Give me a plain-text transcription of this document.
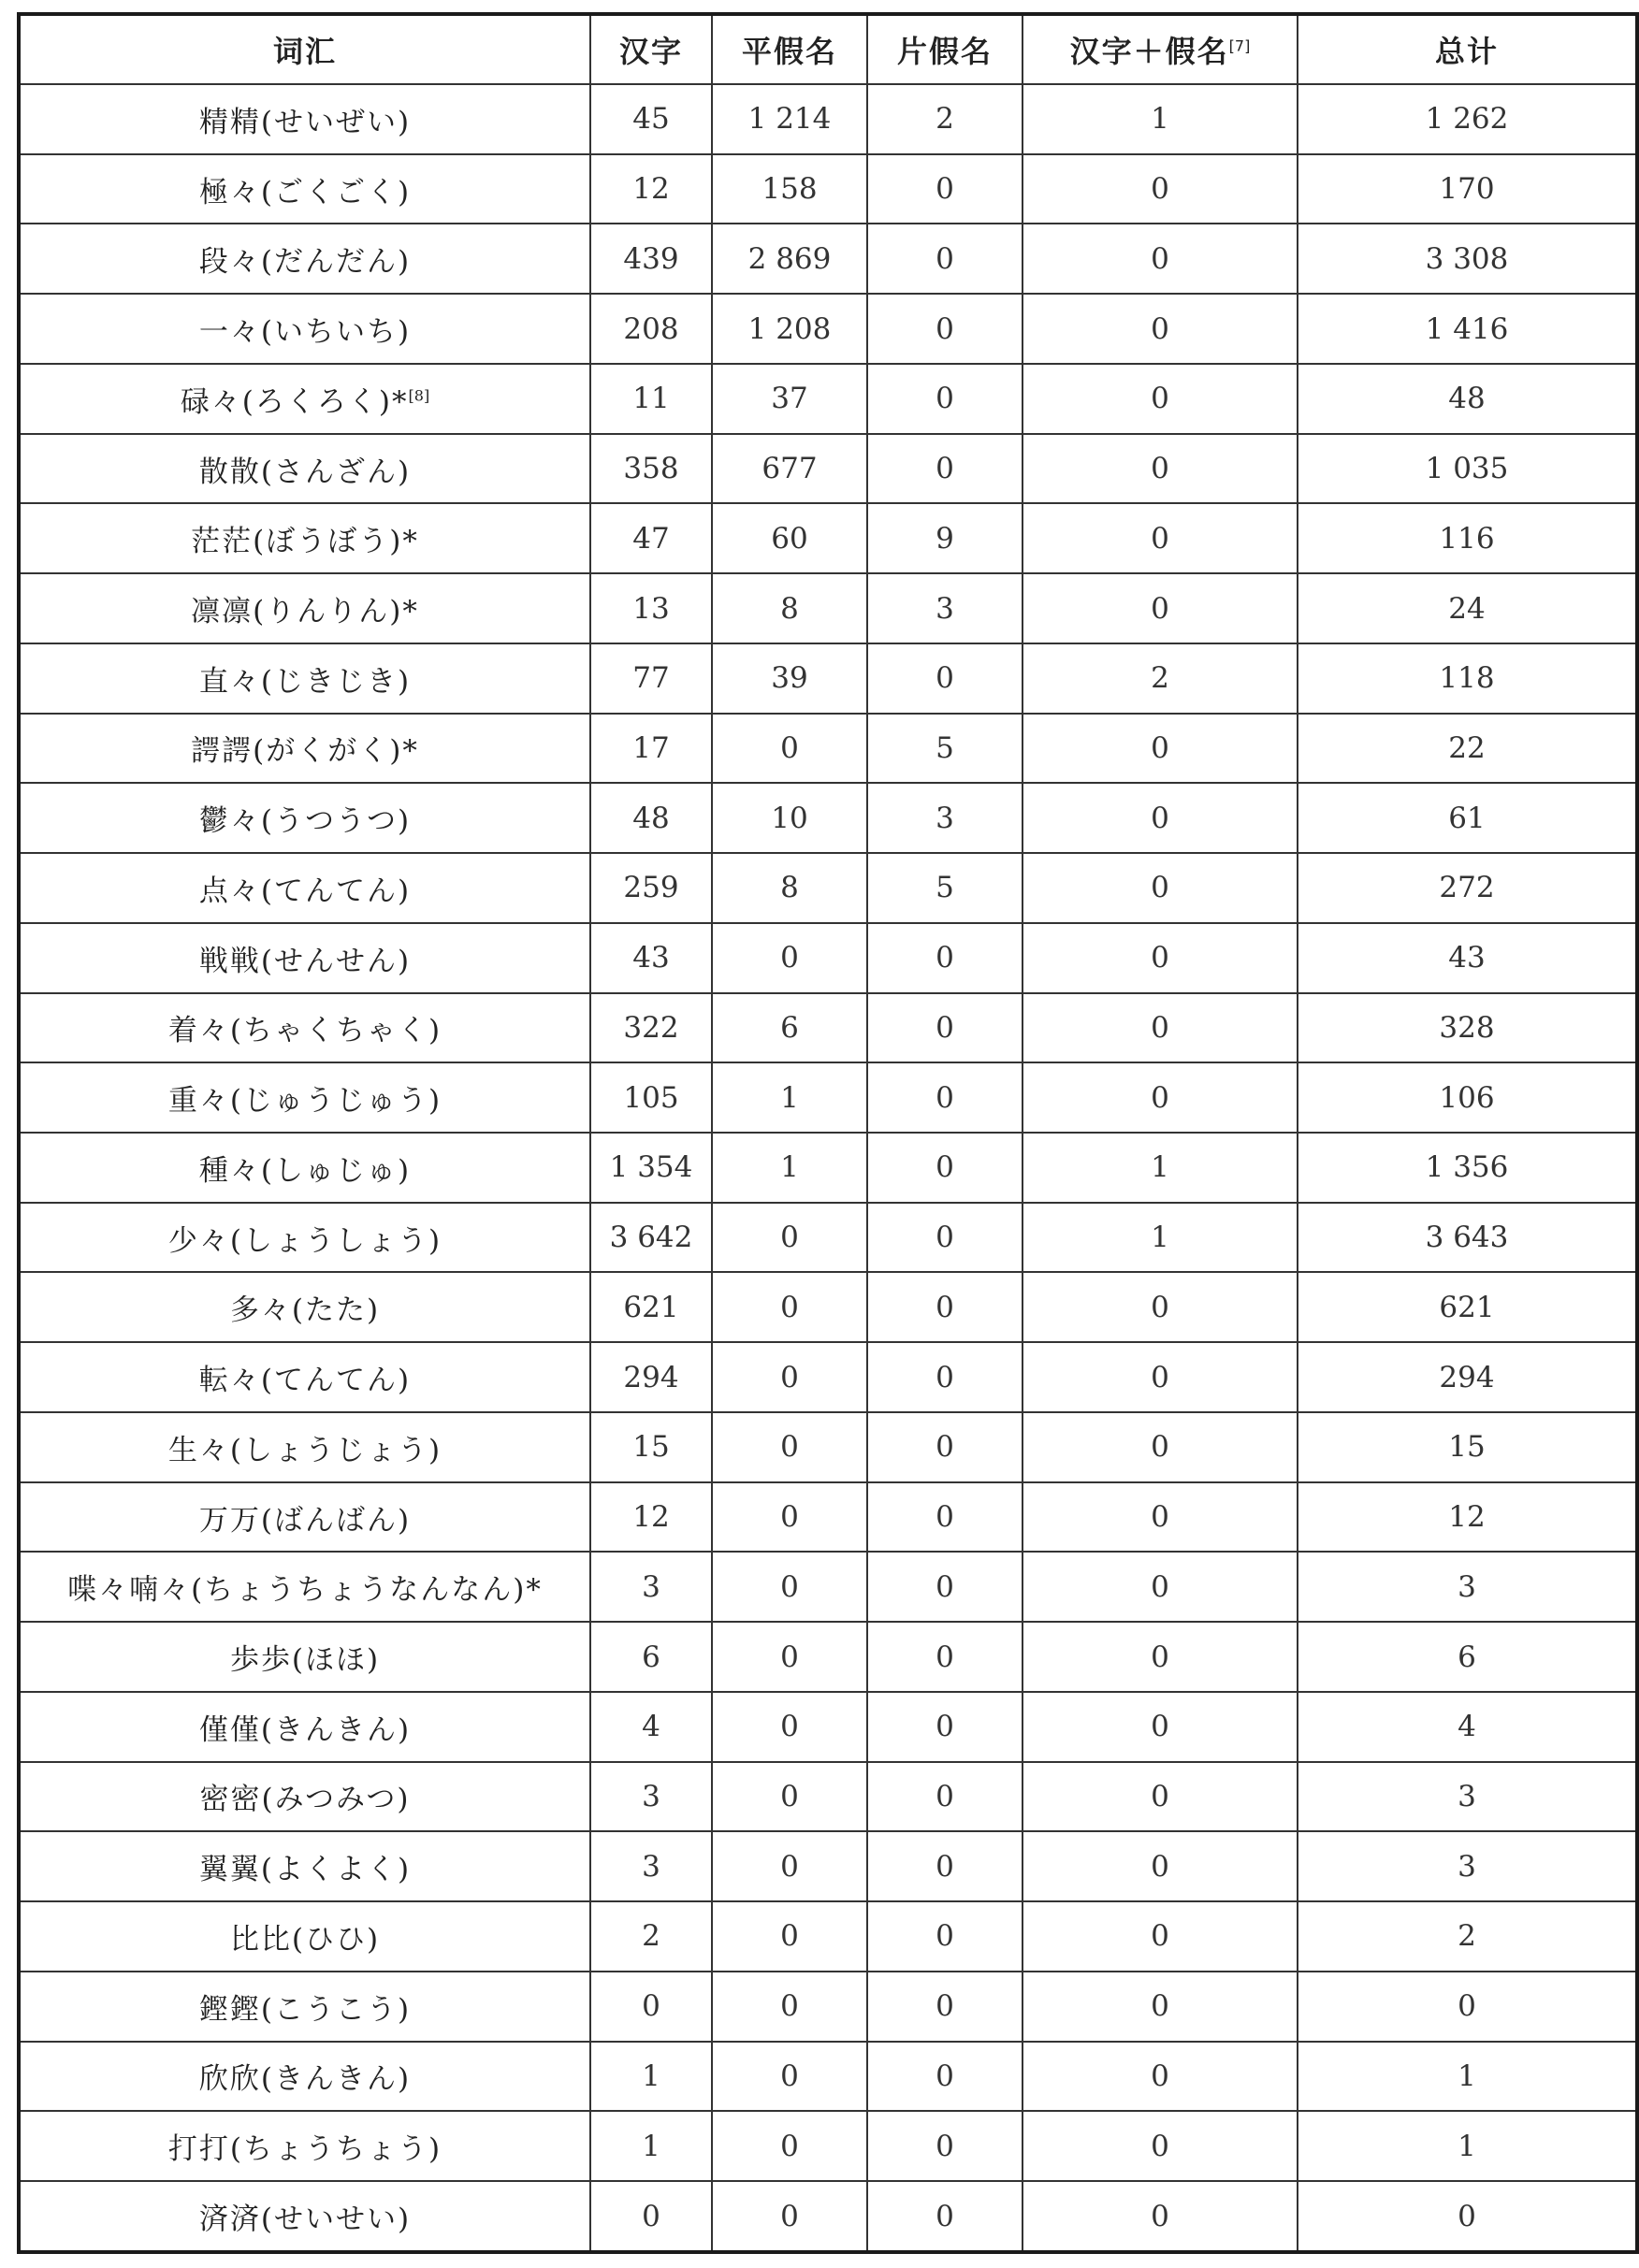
词汇	汉字	平假名	片假名	汉字＋假名[7]	总计
精精(せいぜい)	45	1 214	2	1	1 262
極々(ごくごく)	12	158	0	0	170
段々(だんだん)	439	2 869	0	0	3 308
一々(いちいち)	208	1 208	0	0	1 416
碌々(ろくろく)*[8]	11	37	0	0	48
散散(さんざん)	358	677	0	0	1 035
茫茫(ぼうぼう)*	47	60	9	0	116
凛凛(りんりん)*	13	8	3	0	24
直々(じきじき)	77	39	0	2	118
諤諤(がくがく)*	17	0	5	0	22
鬱々(うつうつ)	48	10	3	0	61
点々(てんてん)	259	8	5	0	272
戦戦(せんせん)	43	0	0	0	43
着々(ちゃくちゃく)	322	6	0	0	328
重々(じゅうじゅう)	105	1	0	0	106
種々(しゅじゅ)	1 354	1	0	1	1 356
少々(しょうしょう)	3 642	0	0	1	3 643
多々(たた)	621	0	0	0	621
転々(てんてん)	294	0	0	0	294
生々(しょうじょう)	15	0	0	0	15
万万(ばんばん)	12	0	0	0	12
喋々喃々(ちょうちょうなんなん)*	3	0	0	0	3
歩歩(ほほ)	6	0	0	0	6
僅僅(きんきん)	4	0	0	0	4
密密(みつみつ)	3	0	0	0	3
翼翼(よくよく)	3	0	0	0	3
比比(ひひ)	2	0	0	0	2
鏗鏗(こうこう)	0	0	0	0	0
欣欣(きんきん)	1	0	0	0	1
打打(ちょうちょう)	1	0	0	0	1
済済(せいせい)	0	0	0	0	0
